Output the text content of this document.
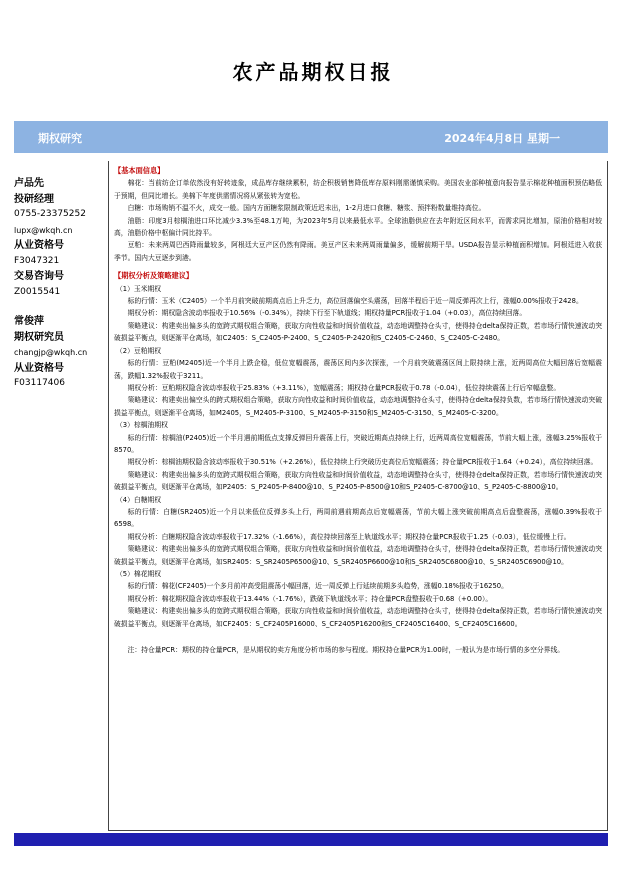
农产品期权日报
期权研究	2024年4月8日 星期一
卢品先
投研经理
0755-23375252
lupx@wkqh.cn
从业资格号
F3047321
交易咨询号
Z0015541
常俊萍
期权研究员
changjp@wkqh.cn
从业资格号
F03117406
【基本面信息】

棉花：当前纺企订单依然没有好转迹象，成品库存继续累积，纺企积极销售降低库存原料刚需谨慎采购。美国农业部种植意向报告显示棉花种植面积预估略低于预期，但同比增长。美棉下年度供需情况将从紧张转为宽松。

白糖：市场购销不温不火，成交一般。国内方面糖浆限制政策近迟未出，1-2月进口食糖、糖浆、预拌粉数量维持高位。

油脂：印度3月棕榈油进口环比减少3.3%至48.1万吨，为2023年5月以来最低水平。全球油脂供应在去年附近区间水平，而需求同比增加，原油价格相对较高，油脂价格中枢偏计同比持平。

豆粕：未来两周巴西降雨量较多，阿根廷大豆产区仍然有降雨。美豆产区未来两周雨量偏多，缓解前期干旱。USDA报告显示种植面积增加。阿根廷进入收获季节。国内大豆逐步到港。

【期权分析及策略建议】

（1）玉米期权

标的行情：玉米（C2405）一个半月前突破前期高点后上升乏力，高位回落偏空头震荡，回落半程后于近一周反弹再次上行，涨幅0.00%报收于2428。

期权分析：期权隐含波动率报收于10.56%（-0.34%），持续下行至下轨道线；期权持量PCR报收于1.04（+0.03），高位持续回落。

策略建议：构建卖出偏多头的宽跨式期权组合策略，获取方向性收益和时间价值收益，动态地调整持仓头寸，使得持仓delta保持正数，若市场行情快速波动突破损益平衡点，则逐渐平仓离场，如C2405：S_C2405-P-2400、S_C2405-P-2420和S_C2405-C-2460、S_C2405-C-2480。

（2）豆粕期权

标的行情：豆粕(M2405)近一个半月上跌企稳，低位宽幅震荡，震荡区间内多次探涨，一个月前突破震荡区间上限持续上涨，近两周高位大幅回落后宽幅震荡，跌幅1.32%报收于3211。

期权分析：豆粕期权隐含波动率报收于25.83%（+3.11%），宽幅震荡；期权持仓量PCR报收于0.78（-0.04），低位持续震荡上行后窄幅盘整。

策略建议：构建卖出偏空头的跨式期权组合策略，获取方向性收益和时间价值收益，动态地调整持仓头寸，使得持仓delta保持负数，若市场行情快速波动突破损益平衡点，则逐渐平仓离场，如M2405，S_M2405-P-3100、S_M2405-P-3150和S_M2405-C-3150、S_M2405-C-3200。

（3）棕榈油期权

标的行情：棕榈油(P2405)近一个半月遇前期低点支撑反弹回升震荡上行，突破近期高点持续上行，近两周高位宽幅震荡，节前大幅上涨，涨幅3.25%报收于8570。

期权分析：棕榈油期权隐含波动率报收于30.51%（+2.26%），低位持续上行突破历史高位后宽幅震荡；持仓量PCR报收于1.64（+0.24），高位持续回落。

策略建议：构建卖出偏多头的宽跨式期权组合策略，获取方向性收益和时间价值收益，动态地调整持仓头寸，使得持仓delta保持正数，若市场行情快速波动突破损益平衡点，则逐渐平仓离场，如P2405：S_P2405-P-8400@10、S_P2405-P-8500@10和S_P2405-C-8700@10、S_P2405-C-8800@10。

（4）白糖期权

标的行情：白糖(SR2405)近一个月以来低位反弹多头上行，两周前遇前期高点后宽幅震荡，节前大幅上涨突破前期高点后盘整震荡，涨幅0.39%报收于6598。

期权分析：白糖期权隐含波动率报收于17.32%（-1.66%），高位持续回落至上轨道线水平；期权持仓量PCR报收于1.25（-0.03），低位缓慢上行。

策略建议：构建卖出偏多头的宽跨式期权组合策略，获取方向性收益和时间价值收益，动态地调整持仓头寸，使得持仓delta保持正数，若市场行情快速波动突破损益平衡点，则逐渐平仓离场，如SR2405：S_SR2405P6500@10、S_SR2405P6600@10和S_SR2405C6800@10、S_SR2405C6900@10。

（5）棉花期权

标的行情：棉花(CF2405)一个多月前冲高受阻震荡小幅回落，近一周反弹上行延续前期多头趋势，涨幅0.18%报收于16250。

期权分析：棉花期权隐含波动率报收于13.44%（-1.76%），跌破下轨道线水平；持仓量PCR盘整报收于0.68（+0.00）。

策略建议：构建卖出偏多头的宽跨式期权组合策略，获取方向性收益和时间价值收益，动态地调整持仓头寸，使得持仓delta保持正数，若市场行情快速波动突破损益平衡点，则逐渐平仓离场，如CF2405：S_CF2405P16000、S_CF2405P16200和S_CF2405C16400、S_CF2405C16600。

注：持仓量PCR：期权的持仓量PCR，是从期权的卖方角度分析市场的参与程度。期权持仓量PCR为1.00时，一般认为是市场行情的多空分界线。
